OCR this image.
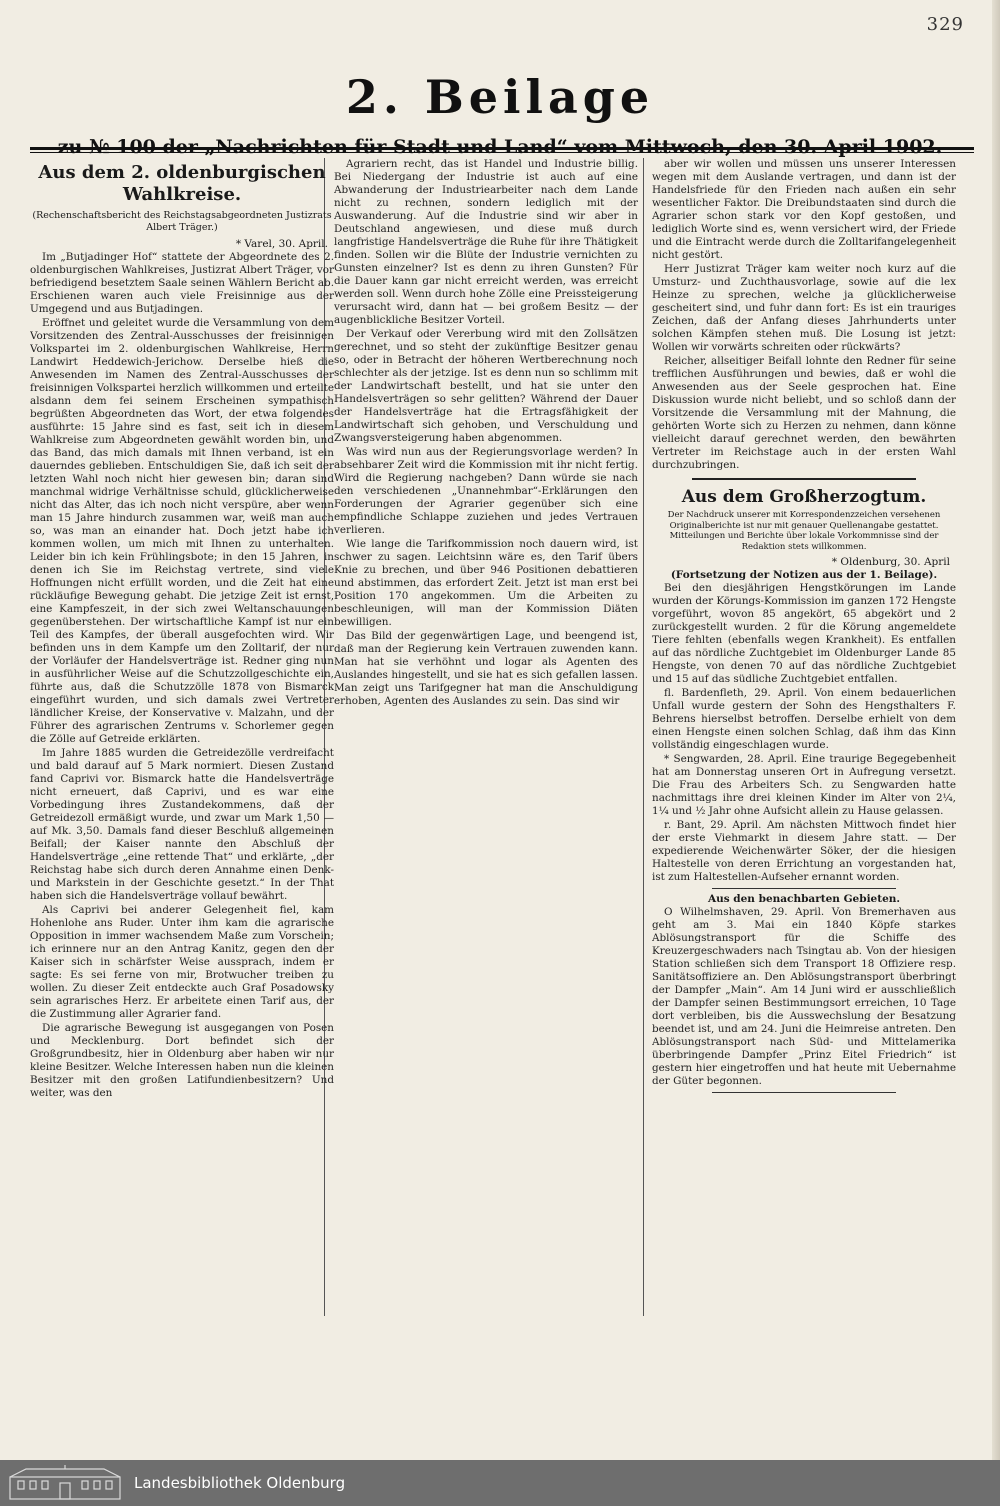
329
2. Beilage
zu № 100 der „Nachrichten für Stadt und Land“ vom Mittwoch, den 30. April 1902.
Aus dem 2. oldenburgischen Wahlkreise.
(Rechenschaftsbericht des Reichstagsabgeordneten Justizrats Albert Träger.)
* Varel, 30. April.

Im „Butjadinger Hof“ stattete der Abgeordnete des 2. oldenburgischen Wahlkreises, Justizrat Albert Träger, vor befriedigend besetztem Saale seinen Wählern Bericht ab. Erschienen waren auch viele Freisinnige aus der Umgegend und aus Butjadingen.

Eröffnet und geleitet wurde die Versammlung von dem Vorsitzenden des Zentral-Ausschusses der freisinnigen Volkspartei im 2. oldenburgischen Wahlkreise, Herrn Landwirt Heddewich-Jerichow. Derselbe hieß die Anwesenden im Namen des Zentral-Ausschusses der freisinnigen Volkspartei herzlich willkommen und erteilte alsdann dem fei seinem Erscheinen sympathisch begrüßten Abgeordneten das Wort, der etwa folgendes ausführte: 15 Jahre sind es fast, seit ich in diesem Wahlkreise zum Abgeordneten gewählt worden bin, und das Band, das mich damals mit Ihnen verband, ist ein dauerndes geblieben. Entschuldigen Sie, daß ich seit der letzten Wahl noch nicht hier gewesen bin; daran sind manchmal widrige Verhältnisse schuld, glücklicherweise nicht das Alter, das ich noch nicht verspüre, aber wenn man 15 Jahre hindurch zusammen war, weiß man auch so, was man an einander hat. Doch jetzt habe ich kommen wollen, um mich mit Ihnen zu unterhalten. Leider bin ich kein Frühlingsbote; in den 15 Jahren, in denen ich Sie im Reichstag vertrete, sind viele Hoffnungen nicht erfüllt worden, und die Zeit hat eine rückläufige Bewegung gehabt. Die jetzige Zeit ist ernst, eine Kampfeszeit, in der sich zwei Weltanschauungen gegenüberstehen. Der wirtschaftliche Kampf ist nur ein Teil des Kampfes, der überall ausgefochten wird. Wir befinden uns in dem Kampfe um den Zolltarif, der nur der Vorläufer der Handelsverträge ist. Redner ging nun in ausführlicher Weise auf die Schutzzollgeschichte ein, führte aus, daß die Schutzzölle 1878 von Bismarck eingeführt wurden, und sich damals zwei Vertreter ländlicher Kreise, der Konservative v. Malzahn, und der Führer des agrarischen Zentrums v. Schorlemer gegen die Zölle auf Getreide erklärten.

Im Jahre 1885 wurden die Getreidezölle verdreifacht und bald darauf auf 5 Mark normiert. Diesen Zustand fand Caprivi vor. Bismarck hatte die Handelsverträge nicht erneuert, daß Caprivi, und es war eine Vorbedingung ihres Zustandekommens, daß der Getreidezoll ermäßigt wurde, und zwar um Mark 1,50 — auf Mk. 3,50. Damals fand dieser Beschluß allgemeinen Beifall; der Kaiser nannte den Abschluß der Handelsverträge „eine rettende That“ und erklärte, „der Reichstag habe sich durch deren Annahme einen Denk- und Markstein in der Geschichte gesetzt.“ In der That haben sich die Handelsverträge vollauf bewährt.

Als Caprivi bei anderer Gelegenheit fiel, kam Hohenlohe ans Ruder. Unter ihm kam die agrarische Opposition in immer wachsendem Maße zum Vorschein; ich erinnere nur an den Antrag Kanitz, gegen den der Kaiser sich in schärfster Weise aussprach, indem er sagte: Es sei ferne von mir, Brotwucher treiben zu wollen. Zu dieser Zeit entdeckte auch Graf Posadowsky sein agrarisches Herz. Er arbeitete einen Tarif aus, der die Zustimmung aller Agrarier fand.

Die agrarische Bewegung ist ausgegangen von Posen und Mecklenburg. Dort befindet sich der Großgrundbesitz, hier in Oldenburg aber haben wir nur kleine Besitzer. Welche Interessen haben nun die kleinen Besitzer mit den großen Latifundienbesitzern? Und weiter, was den

Agrariern recht, das ist Handel und Industrie billig. Bei Niedergang der Industrie ist auch auf eine Abwanderung der Industriearbeiter nach dem Lande nicht zu rechnen, sondern lediglich mit der Auswanderung. Auf die Industrie sind wir aber in Deutschland angewiesen, und diese muß durch langfristige Handelsverträge die Ruhe für ihre Thätigkeit finden. Sollen wir die Blüte der Industrie vernichten zu Gunsten einzelner? Ist es denn zu ihren Gunsten? Für die Dauer kann gar nicht erreicht werden, was erreicht werden soll. Wenn durch hohe Zölle eine Preissteigerung verursacht wird, dann hat — bei großem Besitz — der augenblickliche Besitzer Vorteil.

Der Verkauf oder Vererbung wird mit den Zollsätzen gerechnet, und so steht der zukünftige Besitzer genau so, oder in Betracht der höheren Wertberechnung noch schlechter als der jetzige. Ist es denn nun so schlimm mit der Landwirtschaft bestellt, und hat sie unter den Handelsverträgen so sehr gelitten? Während der Dauer der Handelsverträge hat die Ertragsfähigkeit der Landwirtschaft sich gehoben, und Verschuldung und Zwangsversteigerung haben abgenommen.

Was wird nun aus der Regierungsvorlage werden? In absehbarer Zeit wird die Kommission mit ihr nicht fertig. Wird die Regierung nachgeben? Dann würde sie nach den verschiedenen „Unannehmbar“-Erklärungen den Forderungen der Agrarier gegenüber sich eine empfindliche Schlappe zuziehen und jedes Vertrauen verlieren.

Wie lange die Tarifkommission noch dauern wird, ist schwer zu sagen. Leichtsinn wäre es, den Tarif übers Knie zu brechen, und über 946 Positionen debattieren und abstimmen, das erfordert Zeit. Jetzt ist man erst bei Position 170 angekommen. Um die Arbeiten zu beschleunigen, will man der Kommission Diäten bewilligen.

Das Bild der gegenwärtigen Lage, und beengend ist, daß man der Regierung kein Vertrauen zuwenden kann. Man hat sie verhöhnt und logar als Agenten des Auslandes hingestellt, und sie hat es sich gefallen lassen. Man zeigt uns Tarifgegner hat man die Anschuldigung erhoben, Agenten des Auslandes zu sein. Das sind wir

aber wir wollen und müssen uns unserer Interessen wegen mit dem Auslande vertragen, und dann ist der Handelsfriede für den Frieden nach außen ein sehr wesentlicher Faktor. Die Dreibundstaaten sind durch die Agrarier schon stark vor den Kopf gestoßen, und lediglich Worte sind es, wenn versichert wird, der Friede und die Eintracht werde durch die Zolltarifangelegenheit nicht gestört.

Herr Justizrat Träger kam weiter noch kurz auf die Umsturz- und Zuchthausvorlage, sowie auf die lex Heinze zu sprechen, welche ja glücklicherweise gescheitert sind, und fuhr dann fort: Es ist ein trauriges Zeichen, daß der Anfang dieses Jahrhunderts unter solchen Kämpfen stehen muß. Die Losung ist jetzt: Wollen wir vorwärts schreiten oder rückwärts?

Reicher, allseitiger Beifall lohnte den Redner für seine trefflichen Ausführungen und bewies, daß er wohl die Anwesenden aus der Seele gesprochen hat. Eine Diskussion wurde nicht beliebt, und so schloß dann der Vorsitzende die Versammlung mit der Mahnung, die gehörten Worte sich zu Herzen zu nehmen, dann könne vielleicht darauf gerechnet werden, den bewährten Vertreter im Reichstage auch in der ersten Wahl durchzubringen.

Aus dem Großherzogtum.
Der Nachdruck unserer mit Korrespondenzzeichen versehenen Originalberichte ist nur mit genauer Quellenangabe gestattet. Mitteilungen und Berichte über lokale Vorkommnisse sind der Redaktion stets willkommen.
* Oldenburg, 30. April
(Fortsetzung der Notizen aus der 1. Beilage).

Bei den diesjährigen Hengstkörungen im Lande wurden der Körungs-Kommission im ganzen 172 Hengste vorgeführt, wovon 85 angekört, 65 abgekört und 2 zurückgestellt wurden. 2 für die Körung angemeldete Tiere fehlten (ebenfalls wegen Krankheit). Es entfallen auf das nördliche Zuchtgebiet im Oldenburger Lande 85 Hengste, von denen 70 auf das nördliche Zuchtgebiet und 15 auf das südliche Zuchtgebiet entfallen.

fl. Bardenfleth, 29. April. Von einem bedauerlichen Unfall wurde gestern der Sohn des Hengsthalters F. Behrens hierselbst betroffen. Derselbe erhielt von dem einen Hengste einen solchen Schlag, daß ihm das Kinn vollständig eingeschlagen wurde.

* Sengwarden, 28. April. Eine traurige Begegebenheit hat am Donnerstag unseren Ort in Aufregung versetzt. Die Frau des Arbeiters Sch. zu Sengwarden hatte nachmittags ihre drei kleinen Kinder im Alter von 2¼, 1¼ und ½ Jahr ohne Aufsicht allein zu Hause gelassen.

r. Bant, 29. April. Am nächsten Mittwoch findet hier der erste Viehmarkt in diesem Jahre statt. — Der expedierende Weichenwärter Söker, der die hiesigen Haltestelle von deren Errichtung an vorgestanden hat, ist zum Haltestellen-Aufseher ernannt worden.

Aus den benachbarten Gebieten.

O Wilhelmshaven, 29. April. Von Bremerhaven aus geht am 3. Mai ein 1840 Köpfe starkes Ablösungstransport für die Schiffe des Kreuzergeschwaders nach Tsingtau ab. Von der hiesigen Station schließen sich dem Transport 18 Offiziere resp. Sanitätsoffiziere an. Den Ablösungstransport überbringt der Dampfer „Main“. Am 14 Juni wird er ausschließlich der Dampfer seinen Bestimmungsort erreichen, 10 Tage dort verbleiben, bis die Ausswechslung der Besatzung beendet ist, und am 24. Juni die Heimreise antreten. Den Ablösungstransport nach Süd- und Mittelamerika überbringende Dampfer „Prinz Eitel Friedrich“ ist gestern hier eingetroffen und hat heute mit Uebernahme der Güter begonnen.

Landesbibliothek Oldenburg
